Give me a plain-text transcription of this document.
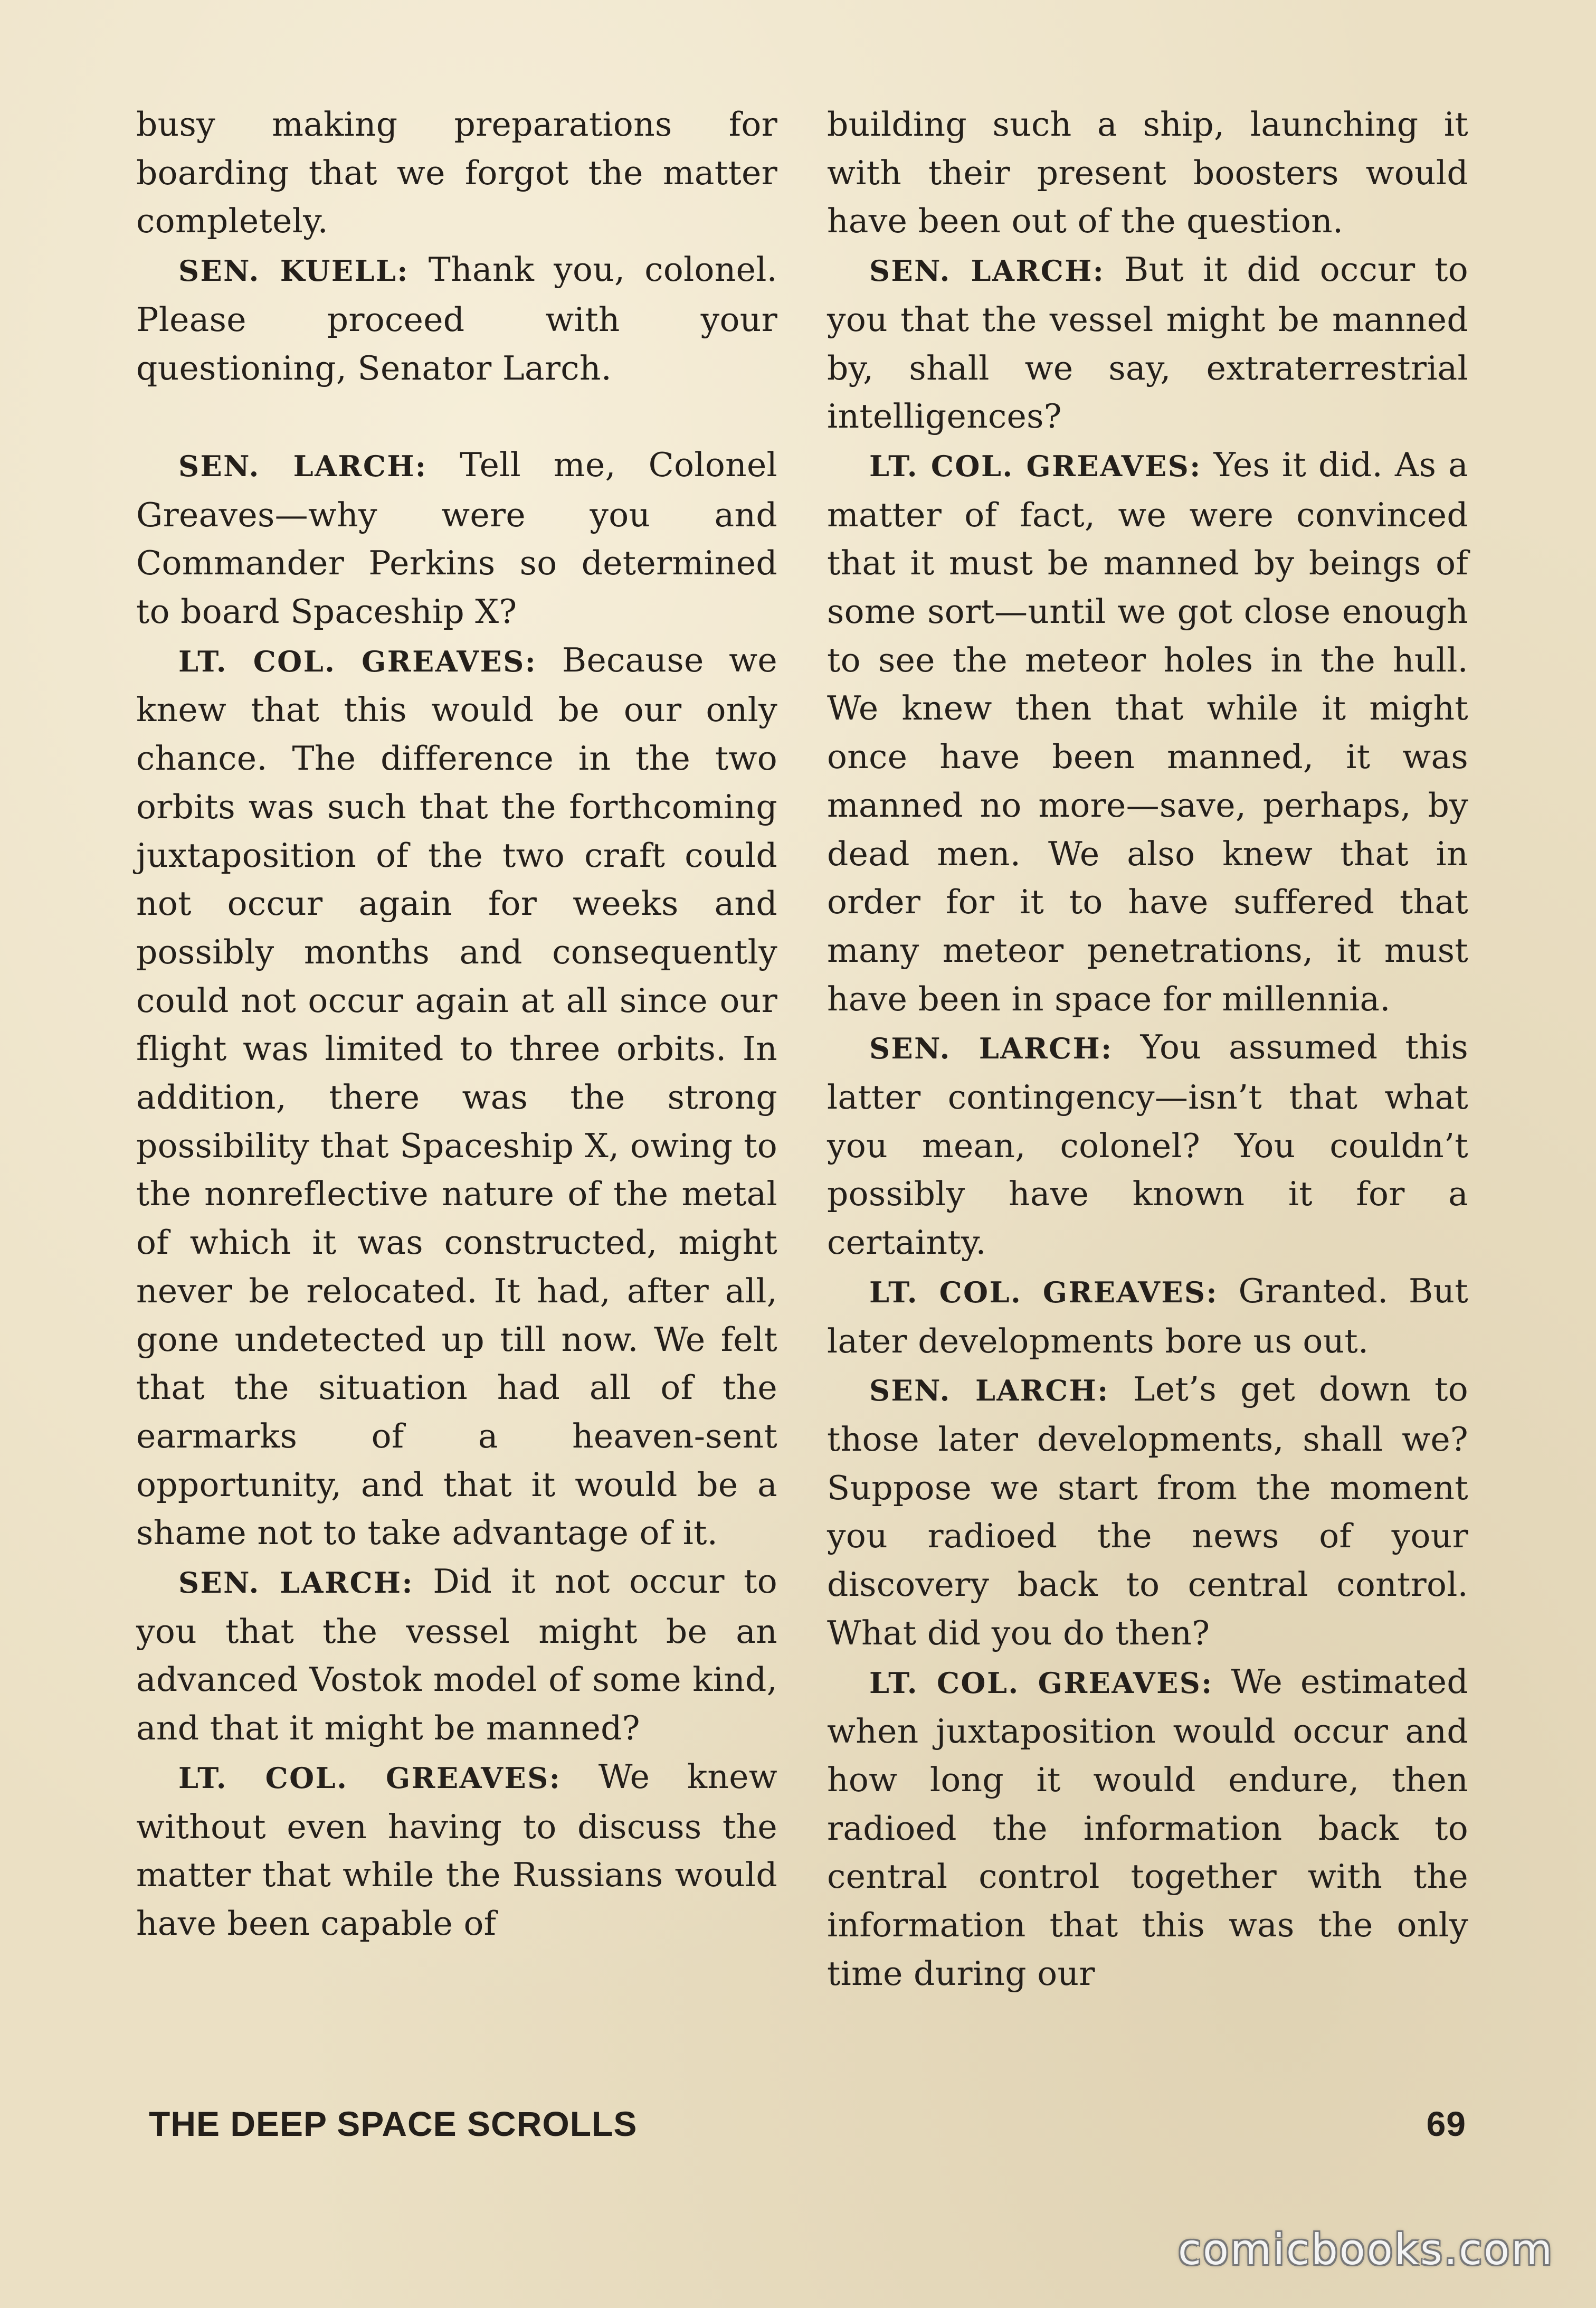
busy making preparations for boarding that we forgot the matter completely.

SEN. KUELL: Thank you, colonel. Please proceed with your questioning, Senator Larch.

SEN. LARCH: Tell me, Colonel Greaves—why were you and Commander Perkins so determined to board Spaceship X?

LT. COL. GREAVES: Because we knew that this would be our only chance. The difference in the two orbits was such that the forthcoming juxtaposition of the two craft could not occur again for weeks and possibly months and consequently could not occur again at all since our flight was limited to three orbits. In addition, there was the strong possibility that Spaceship X, owing to the nonreflective nature of the metal of which it was constructed, might never be relocated. It had, after all, gone undetected up till now. We felt that the situation had all of the earmarks of a heaven-sent opportunity, and that it would be a shame not to take advantage of it.

SEN. LARCH: Did it not occur to you that the vessel might be an advanced Vostok model of some kind, and that it might be manned?

LT. COL. GREAVES: We knew without even having to discuss the matter that while the Russians would have been capable of

building such a ship, launching it with their present boosters would have been out of the question.

SEN. LARCH: But it did occur to you that the vessel might be manned by, shall we say, extraterrestrial intelligences?

LT. COL. GREAVES: Yes it did. As a matter of fact, we were convinced that it must be manned by beings of some sort—until we got close enough to see the meteor holes in the hull. We knew then that while it might once have been manned, it was manned no more—save, perhaps, by dead men. We also knew that in order for it to have suffered that many meteor penetrations, it must have been in space for millennia.

SEN. LARCH: You assumed this latter contingency—isn’t that what you mean, colonel? You couldn’t possibly have known it for a certainty.

LT. COL. GREAVES: Granted. But later developments bore us out.

SEN. LARCH: Let’s get down to those later developments, shall we? Suppose we start from the moment you radioed the news of your discovery back to central control. What did you do then?

LT. COL. GREAVES: We estimated when juxtaposition would occur and how long it would endure, then radioed the information back to central control together with the information that this was the only time during our

THE DEEP SPACE SCROLLS	69
comicbooks.com
